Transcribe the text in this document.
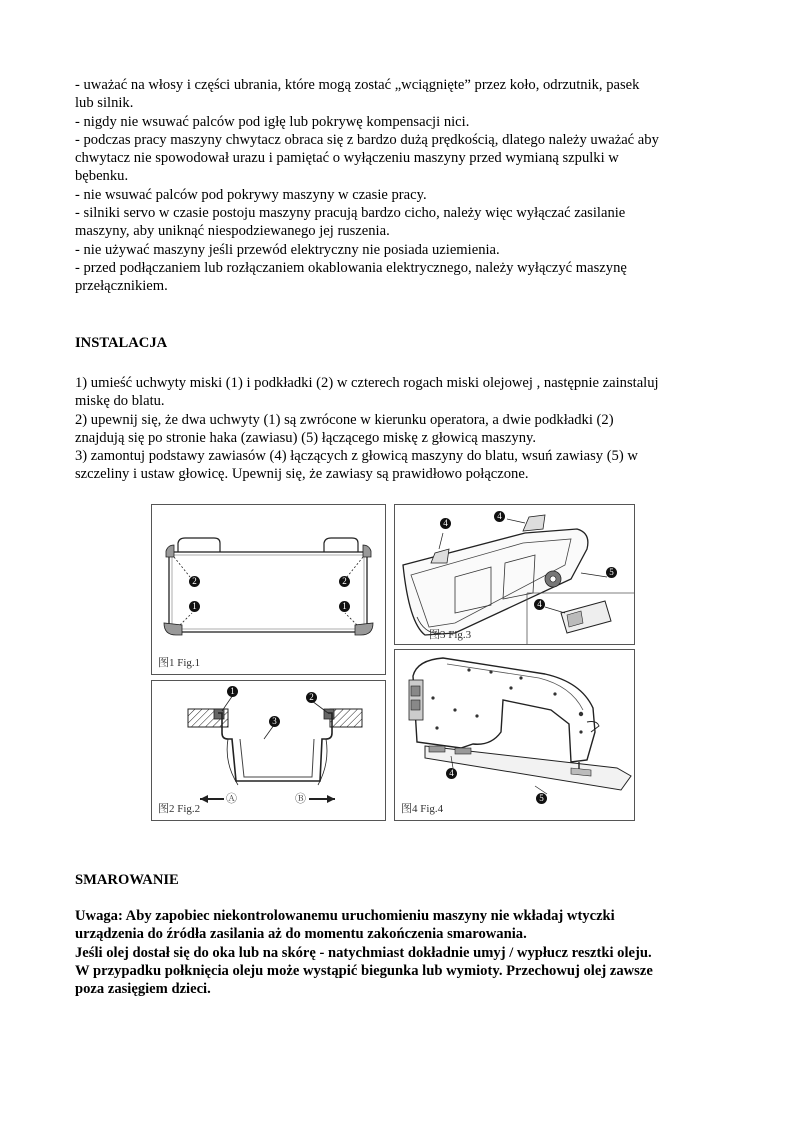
- uważać na włosy i części ubrania, które mogą zostać „wciągnięte” przez koło, odrzutnik, pasek
lub silnik.
- nigdy nie wsuwać palców pod igłę lub pokrywę kompensacji nici.
- podczas pracy maszyny chwytacz obraca się z bardzo dużą prędkością, dlatego należy uważać aby
chwytacz nie spowodował urazu i pamiętać o wyłączeniu maszyny przed wymianą szpulki w
bębenku.
- nie wsuwać palców pod pokrywy maszyny w czasie pracy.
- silniki servo w czasie postoju maszyny pracują bardzo cicho, należy więc wyłączać zasilanie
maszyny, aby uniknąć niespodziewanego jej ruszenia.
- nie używać maszyny jeśli przewód elektryczny nie posiada uziemienia.
- przed podłączaniem lub rozłączaniem okablowania elektrycznego, należy wyłączyć maszynę
przełącznikiem.
INSTALACJA
1) umieść uchwyty miski (1) i podkładki (2) w czterech rogach miski olejowej , następnie zainstaluj
miskę do blatu.
2) upewnij się, że dwa uchwyty (1) są zwrócone w kierunku operatora, a dwie podkładki (2)
znajdują się po stronie haka (zawiasu) (5) łączącego miskę z głowicą maszyny.
3) zamontuj podstawy zawiasów (4) łączących z głowicą maszyny do blatu, wsuń zawiasy (5) w
szczeliny i ustaw głowicę. Upewnij się, że zawiasy są prawidłowo połączone.
SMAROWANIE
Uwaga: Aby zapobiec niekontrolowanemu uruchomieniu maszyny nie wkładaj wtyczki
urządzenia do źródła zasilania aż do momentu zakończenia smarowania.
Jeśli olej dostał się do oka lub na skórę - natychmiast dokładnie umyj / wypłucz resztki oleju.
W przypadku połknięcia oleju może wystąpić biegunka lub wymioty. Przechowuj olej zawsze
poza zasięgiem dzieci.
2	2
1	1
图1 Fig.1
1
2
3
Ⓐ	Ⓑ
图2 Fig.2
4
4
5
4
图3 Fig.3
4
5
图4 Fig.4
